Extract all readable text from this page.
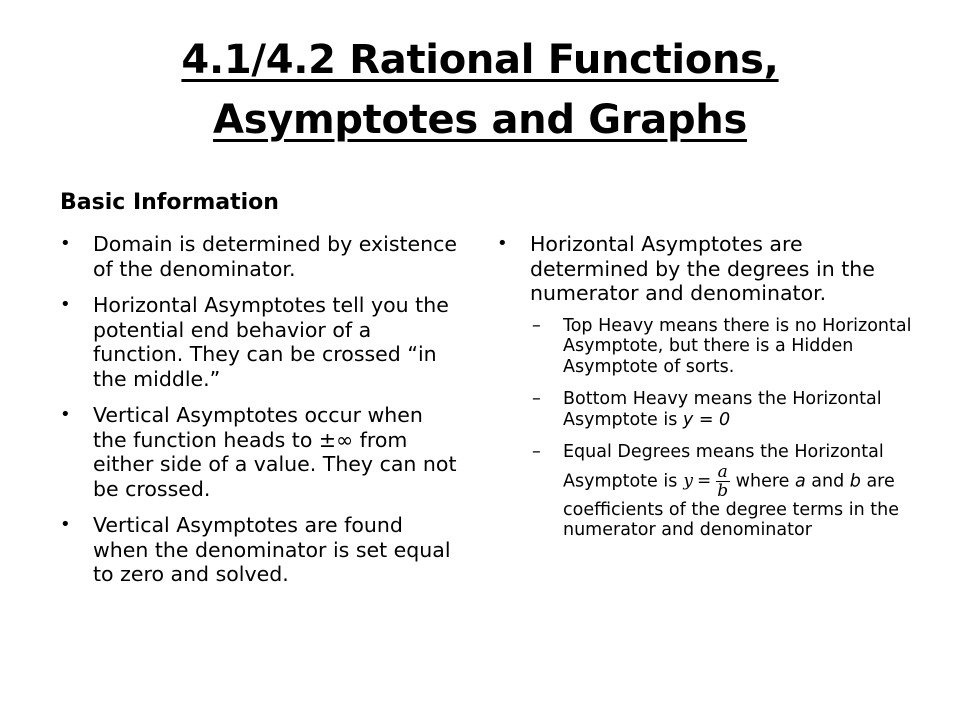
4.1/4.2 Rational Functions,
Asymptotes and Graphs
Basic Information
• Domain is determined by existence of the denominator.
• Horizontal Asymptotes tell you the potential end behavior of a function. They can be crossed “in the middle.”
• Vertical Asymptotes occur when the function heads to ±∞ from either side of a value. They can not be crossed.
• Vertical Asymptotes are found when the denominator is set equal to zero and solved.
• Horizontal Asymptotes are determined by the degrees in the numerator and denominator.
– Top Heavy means there is no Horizontal Asymptote, but there is a Hidden Asymptote of sorts.
– Bottom Heavy means the Horizontal Asymptote is y = 0
– Equal Degrees means the Horizontal Asymptote is $y = \frac{a}{b}$ where a and b are coefficients of the degree terms in the numerator and denominator
